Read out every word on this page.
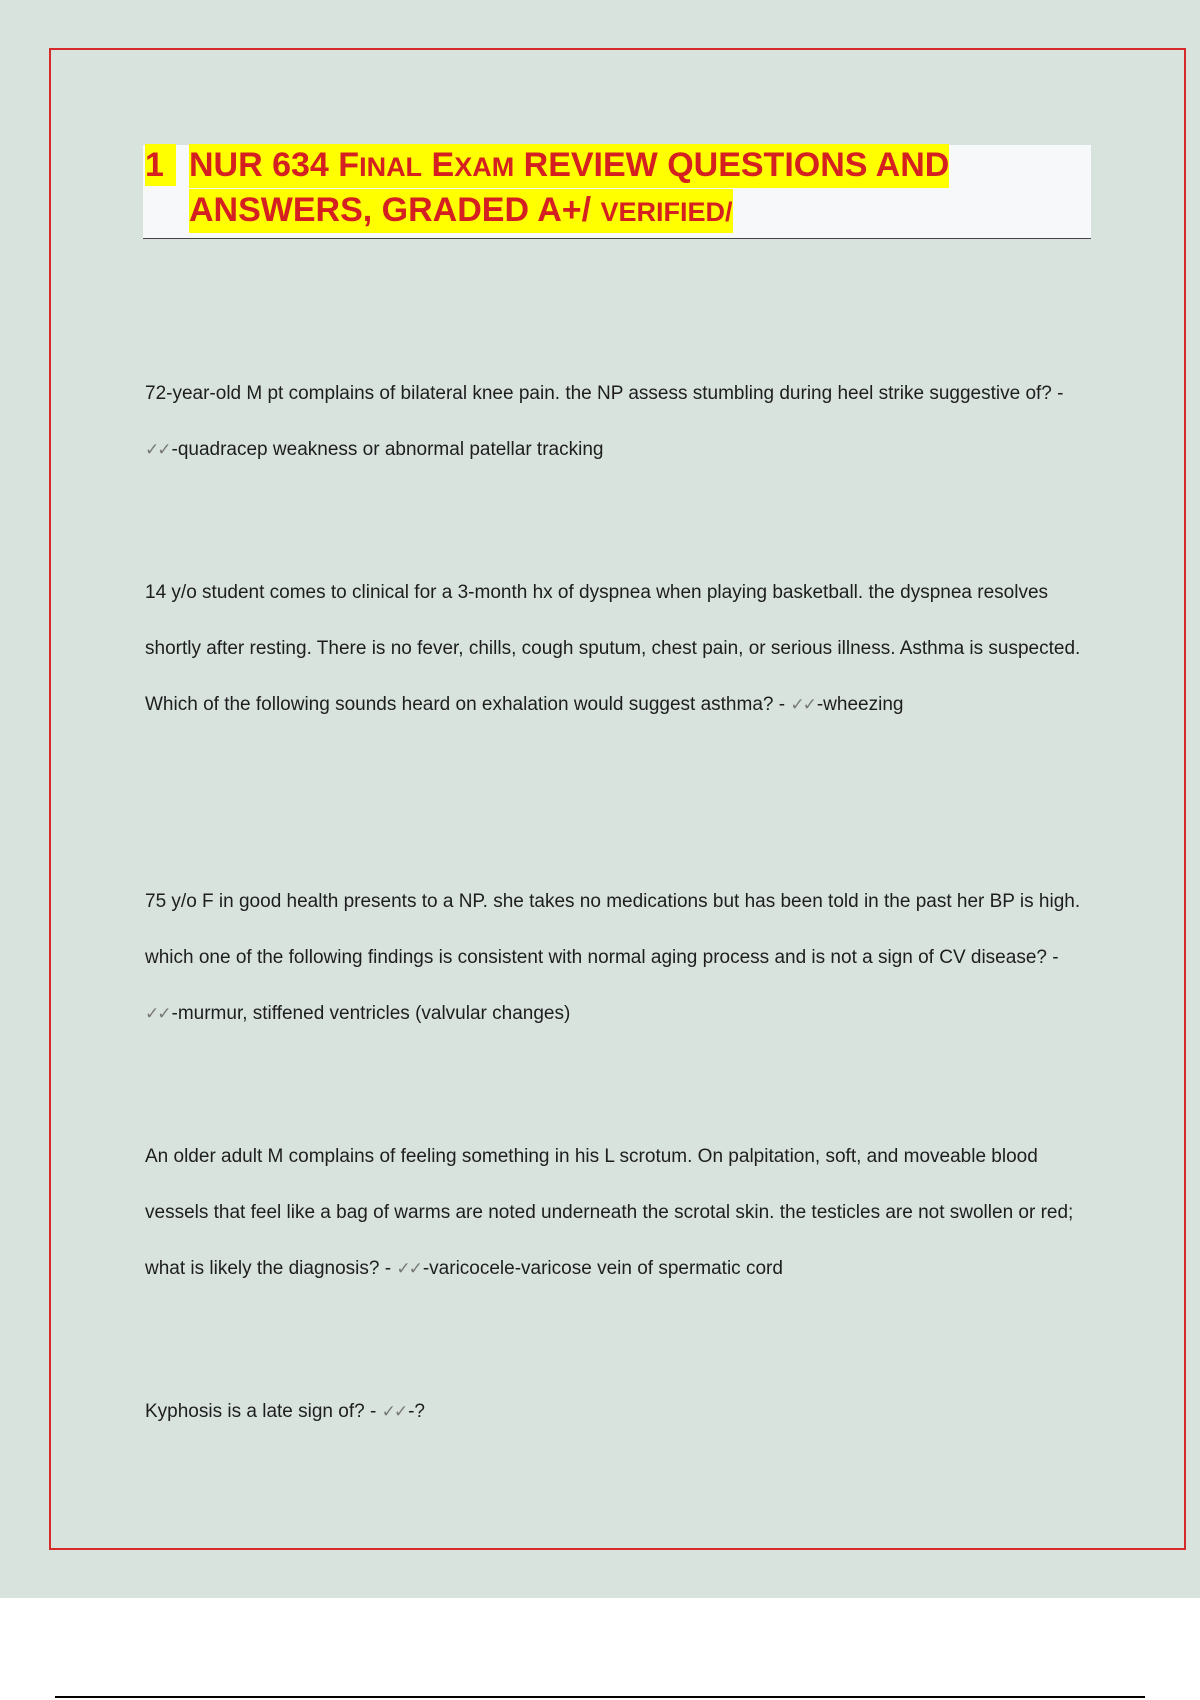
1 NUR 634 FINAL EXAM REVIEW QUESTIONS AND
ANSWERS, GRADED A+/ VERIFIED/
72-year-old M pt complains of bilateral knee pain. the NP assess stumbling during heel strike suggestive of? - ✓✓ -quadracep weakness or abnormal patellar tracking
14 y/o student comes to clinical for a 3-month hx of dyspnea when playing basketball. the dyspnea resolves shortly after resting. There is no fever, chills, cough sputum, chest pain, or serious illness. Asthma is suspected. Which of the following sounds heard on exhalation would suggest asthma? - ✓✓ -wheezing
75 y/o F in good health presents to a NP. she takes no medications but has been told in the past her BP is high. which one of the following findings is consistent with normal aging process and is not a sign of CV disease? - ✓✓ -murmur, stiffened ventricles (valvular changes)
An older adult M complains of feeling something in his L scrotum. On palpitation, soft, and moveable blood vessels that feel like a bag of warms are noted underneath the scrotal skin. the testicles are not swollen or red; what is likely the diagnosis? - ✓✓ -varicocele-varicose vein of spermatic cord
Kyphosis is a late sign of? - ✓✓ -?
